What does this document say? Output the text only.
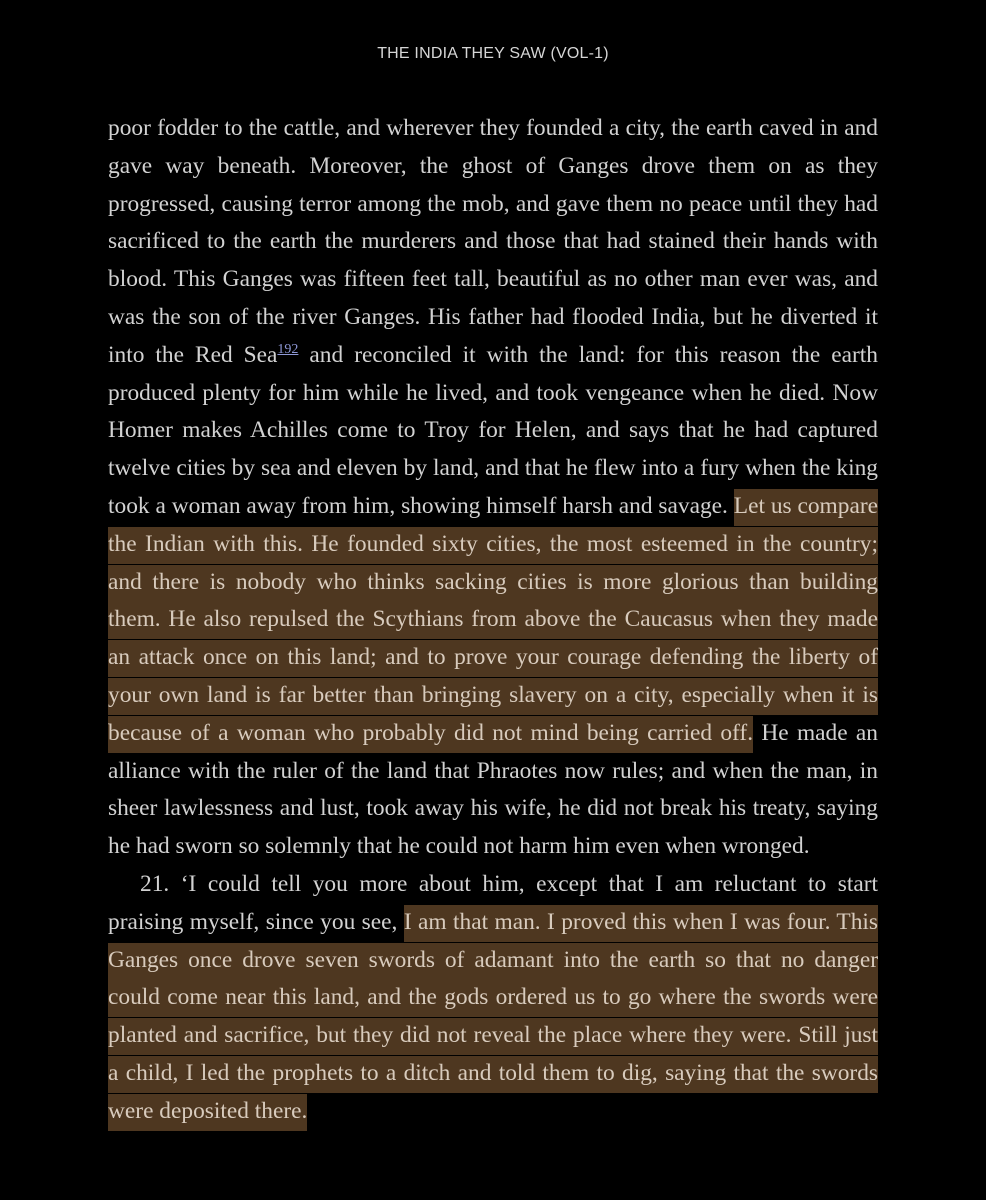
THE INDIA THEY SAW (VOL-1)

poor fodder to the cattle, and wherever they founded a city, the earth caved in and gave way beneath. Moreover, the ghost of Ganges drove them on as they progressed, causing terror among the mob, and gave them no peace until they had sacrificed to the earth the murderers and those that had stained their hands with blood. This Ganges was fifteen feet tall, beautiful as no other man ever was, and was the son of the river Ganges. His father had flooded India, but he diverted it into the Red Sea$^{192}$ and reconciled it with the land: for this reason the earth produced plenty for him while he lived, and took vengeance when he died. Now Homer makes Achilles come to Troy for Helen, and says that he had captured twelve cities by sea and eleven by land, and that he flew into a fury when the king took a woman away from him, showing himself harsh and savage. Let us compare the Indian with this. He founded sixty cities, the most esteemed in the country; and there is nobody who thinks sacking cities is more glorious than building them. He also repulsed the Scythians from above the Caucasus when they made an attack once on this land; and to prove your courage defending the liberty of your own land is far better than bringing slavery on a city, especially when it is because of a woman who probably did not mind being carried off. He made an alliance with the ruler of the land that Phraotes now rules; and when the man, in sheer lawlessness and lust, took away his wife, he did not break his treaty, saying he had sworn so solemnly that he could not harm him even when wronged.

21. ‘I could tell you more about him, except that I am reluctant to start praising myself, since you see, I am that man. I proved this when I was four. This Ganges once drove seven swords of adamant into the earth so that no danger could come near this land, and the gods ordered us to go where the swords were planted and sacrifice, but they did not reveal the place where they were. Still just a child, I led the prophets to a ditch and told them to dig, saying that the swords were deposited there.
